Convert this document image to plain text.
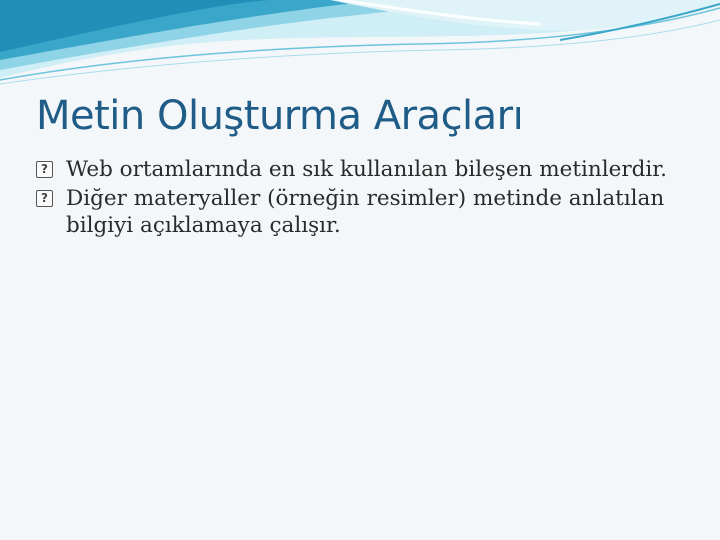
Metin Oluşturma Araçları
?
Web ortamlarında en sık kullanılan bileşen metinlerdir.
?
Diğer materyaller (örneğin resimler) metinde anlatılan bilgiyi açıklamaya çalışır.
